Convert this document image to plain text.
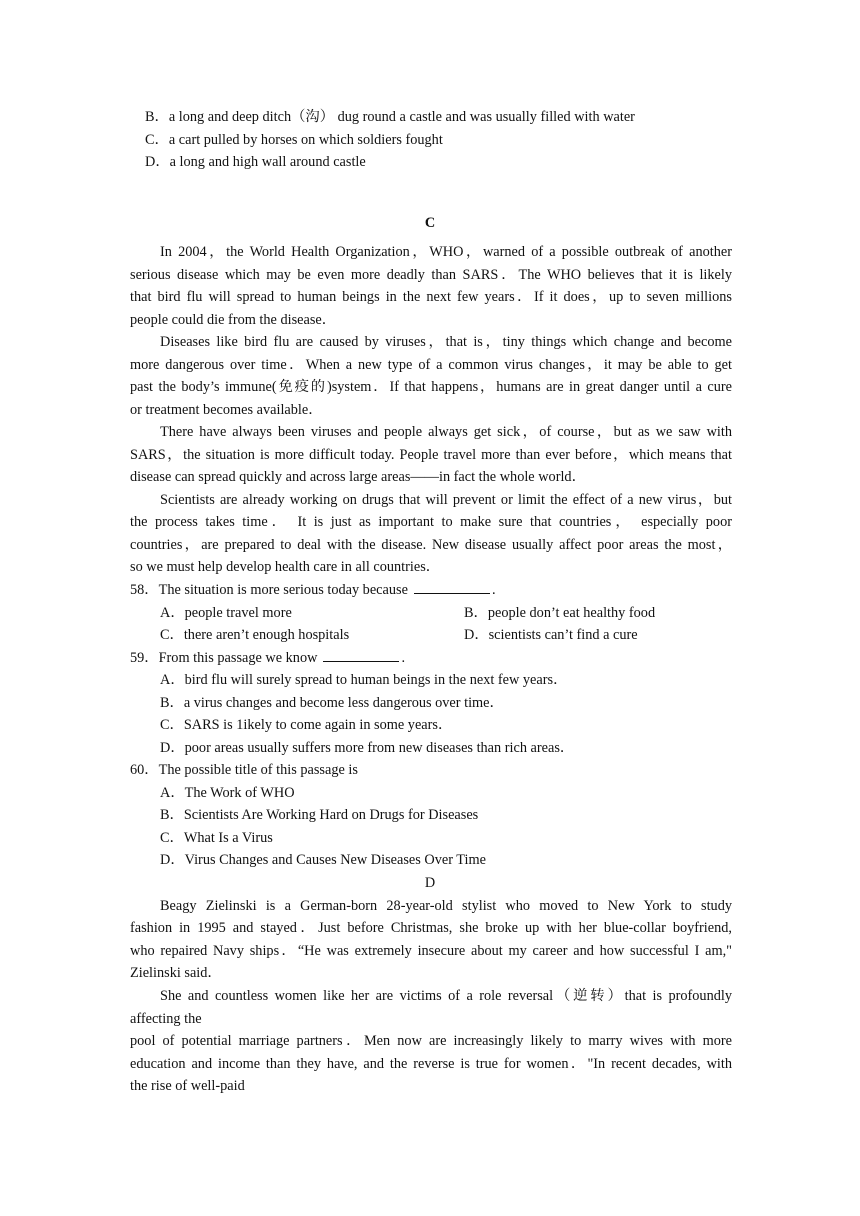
B．a long and deep ditch（沟） dug round a castle and was usually filled with water
C．a cart pulled by horses on which soldiers fought
D．a long and high wall around castle
C
In 2004，the World Health Organization，WHO，warned of a possible outbreak of another
serious disease which may be even more deadly than SARS．The WHO believes that it is likely
that bird flu will spread to human beings in the next few years．If it does，up to seven millions
people could die from the disease．
Diseases like bird flu are caused by viruses，that is，tiny things which change and become
more dangerous over time．When a new type of a common virus changes，it may be able to get
past the body’s immune(免疫的)system．If that happens，humans are in great danger until a cure
or treatment becomes available．
There have always been viruses and people always get sick，of course，but as we saw with
SARS，the situation is more difficult today. People travel more than ever before，which means that
disease can spread quickly and across large areas——in fact the whole world．
Scientists are already working on drugs that will prevent or limit the effect of a new virus，but
the process takes time． It is just as important to make sure that countries， especially poor
countries，are prepared to deal with the disease. New disease usually affect poor areas the most，
so we must help develop health care in all countries．
58．The situation is more serious today because	.
A．people travel more	B．people don’t eat healthy food
C．there aren’t enough hospitals	D．scientists can’t find a cure
59．From this passage we know	.
A．bird flu will surely spread to human beings in the next few years．
B．a virus changes and become less dangerous over time．
C．SARS is 1ikely to come again in some years．
D．poor areas usually suffers more from new diseases than rich areas．
60．The possible title of this passage is
A．The Work of WHO
B．Scientists Are Working Hard on Drugs for Diseases
C．What Is a Virus
D．Virus Changes and Causes New Diseases Over Time
D
Beagy Zielinski is a German-born 28-year-old stylist who moved to New York to study
fashion in 1995 and stayed．Just before Christmas, she broke up with her blue-collar boyfriend,
who repaired Navy ships．“He was extremely insecure about my career and how successful I am,"
Zielinski said．
She and countless women like her are victims of a role reversal（逆转）that is profoundly
affecting the
pool of potential marriage partners．Men now are increasingly likely to marry wives with more
education and income than they have, and the reverse is true for women．"In recent decades, with
the rise of well-paid
